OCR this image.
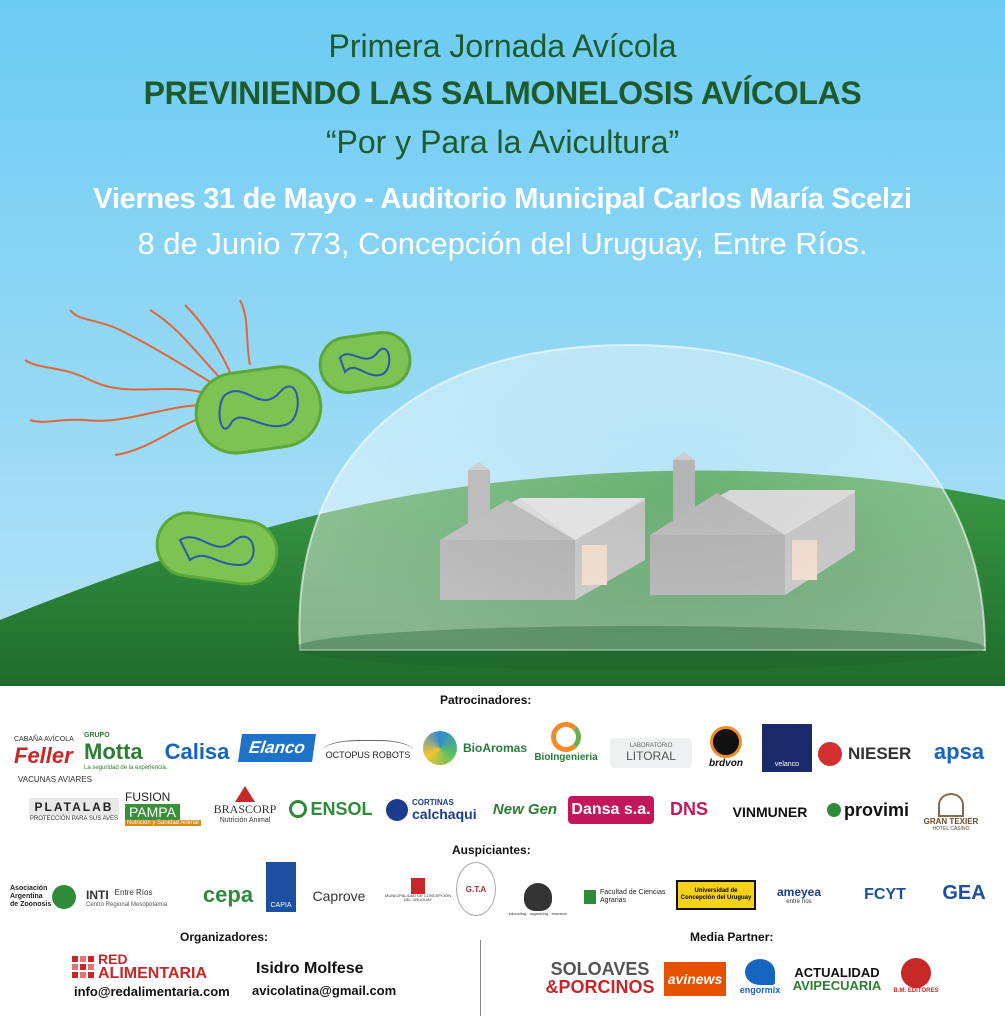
Primera Jornada Avícola
PREVINIENDO LAS SALMONELOSIS AVÍCOLAS
“Por y Para la Avicultura”
Viernes 31 de Mayo - Auditorio Municipal Carlos María Scelzi
8 de Junio 773, Concepción del Uruguay, Entre Ríos.
Patrocinadores:
CABAÑA AVÍCOLA
Feller
GRUPO
Motta
La seguridad de la experiencia.
Calisa	Elanco	OCTOPUS ROBOTS	BioAromas
BioIngenieria
LABORATORIO
LITORAL	brdvon	velanco
NIESER	apsa
VACUNAS AVIARES
PLATALAB
PROTECCIÓN PARA SUS AVES
FUSION
PAMPA
Nutrición y Sanidad Animal
BRASCORP
Nutrición Animal
ENSOL	CORTINAS
calchaqui	New Gen Dansa s.a.	DNS	VINMUNER	provimi
GRAN TEXIER
HOTEL CASINO
Auspiciantes:
Asociación Argentina de Zoonosis
INTI Entre Ríos
Centro Regional Mesopotamia	cepa	CAPIA
Caprove	MUNICIPALIDAD DE CONCEPCIÓN DEL URUGUAY
G.T.A
educating · organizing · research
Facultad de Ciencias Agrarias
Universidad de Concepción del Uruguay	ameyea
entre ríos	FCYT	GEA
Organizadores:
RED
ALIMENTARIA
info@redalimentaria.com
Isidro Molfese
avicolatina@gmail.com
Media Partner:
SOLOAVES
&PORCINOS avinews
engormix
ACTUALIDAD
AVIPECUARIA B.M. EDITORES
